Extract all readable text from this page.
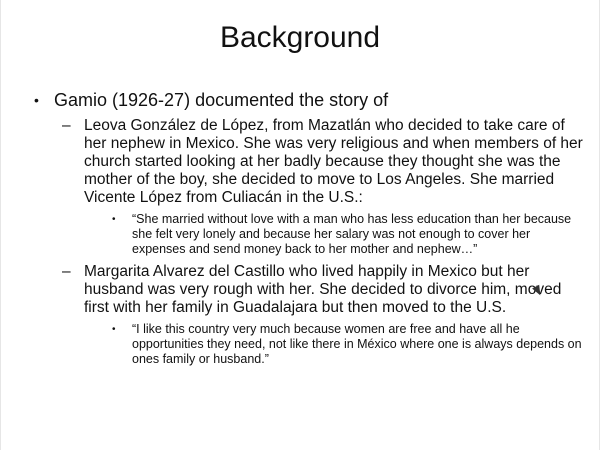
Background
• Gamio (1926-27) documented the story of
– Leova González de López, from Mazatlán who decided to take care of her nephew in Mexico. She was very religious and when members of her church started looking at her badly because they thought she was the mother of the boy, she decided to move to Los Angeles. She married Vicente López from Culiacán in the U.S.:
• “She married without love with a man who has less education than her because she felt very lonely and because her salary was not enough to cover her expenses and send money back to her mother and nephew…”
– Margarita Alvarez del Castillo who lived happily in Mexico but her husband was very rough with her. She decided to divorce him, moved first with her family in Guadalajara but then moved to the U.S.
• “I like this country very much because women are free and have all he opportunities they need, not like there in México where one is always depends on ones family or husband.”
